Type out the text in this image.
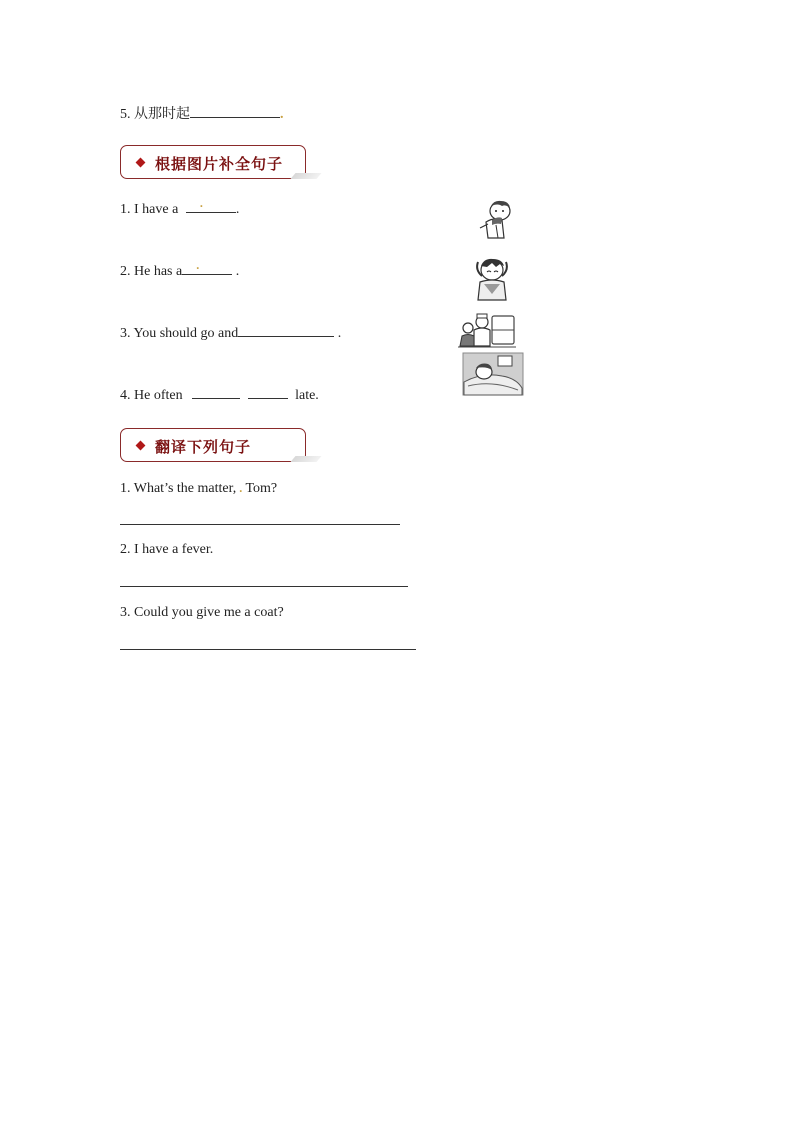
5. 从那时起	.
根据图片补全句子
1. I have a . .
2. He has a . .
3. You should go and	.
4. He often	late.
翻译下列句子
1. What’s the matter, . Tom?
2. I have a fever.
3. Could you give me a coat?
